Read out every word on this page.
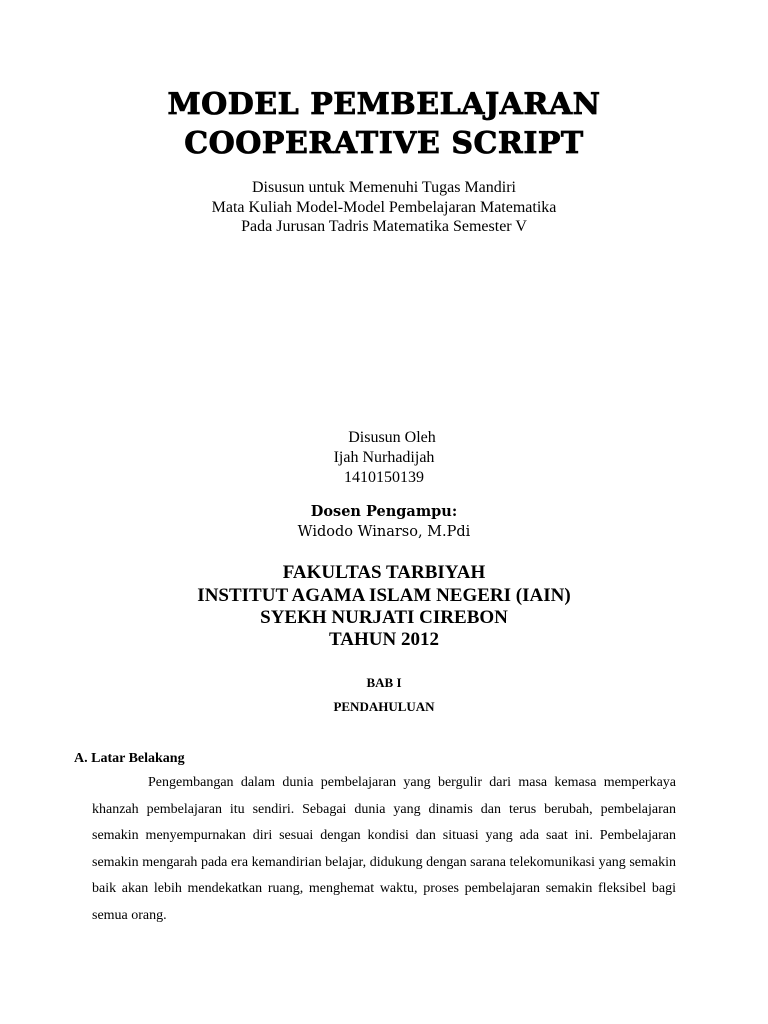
MODEL PEMBELAJARAN
COOPERATIVE SCRIPT
Disusun untuk Memenuhi Tugas Mandiri
Mata Kuliah Model-Model Pembelajaran Matematika
Pada Jurusan Tadris Matematika Semester V
Disusun Oleh
Ijah Nurhadijah
1410150139
Dosen Pengampu:
Widodo Winarso, M.Pdi
FAKULTAS TARBIYAH
INSTITUT AGAMA ISLAM NEGERI (IAIN)
SYEKH NURJATI CIREBON
TAHUN 2012
BAB I
PENDAHULUAN
A. Latar Belakang

Pengembangan dalam dunia pembelajaran yang bergulir dari masa kemasa memperkaya khanzah pembelajaran itu sendiri. Sebagai dunia yang dinamis dan terus berubah, pembelajaran semakin menyempurnakan diri sesuai dengan kondisi dan situasi yang ada saat ini. Pembelajaran semakin mengarah pada era kemandirian belajar, didukung dengan sarana telekomunikasi yang semakin baik akan lebih mendekatkan ruang, menghemat waktu, proses pembelajaran semakin fleksibel bagi semua orang.
